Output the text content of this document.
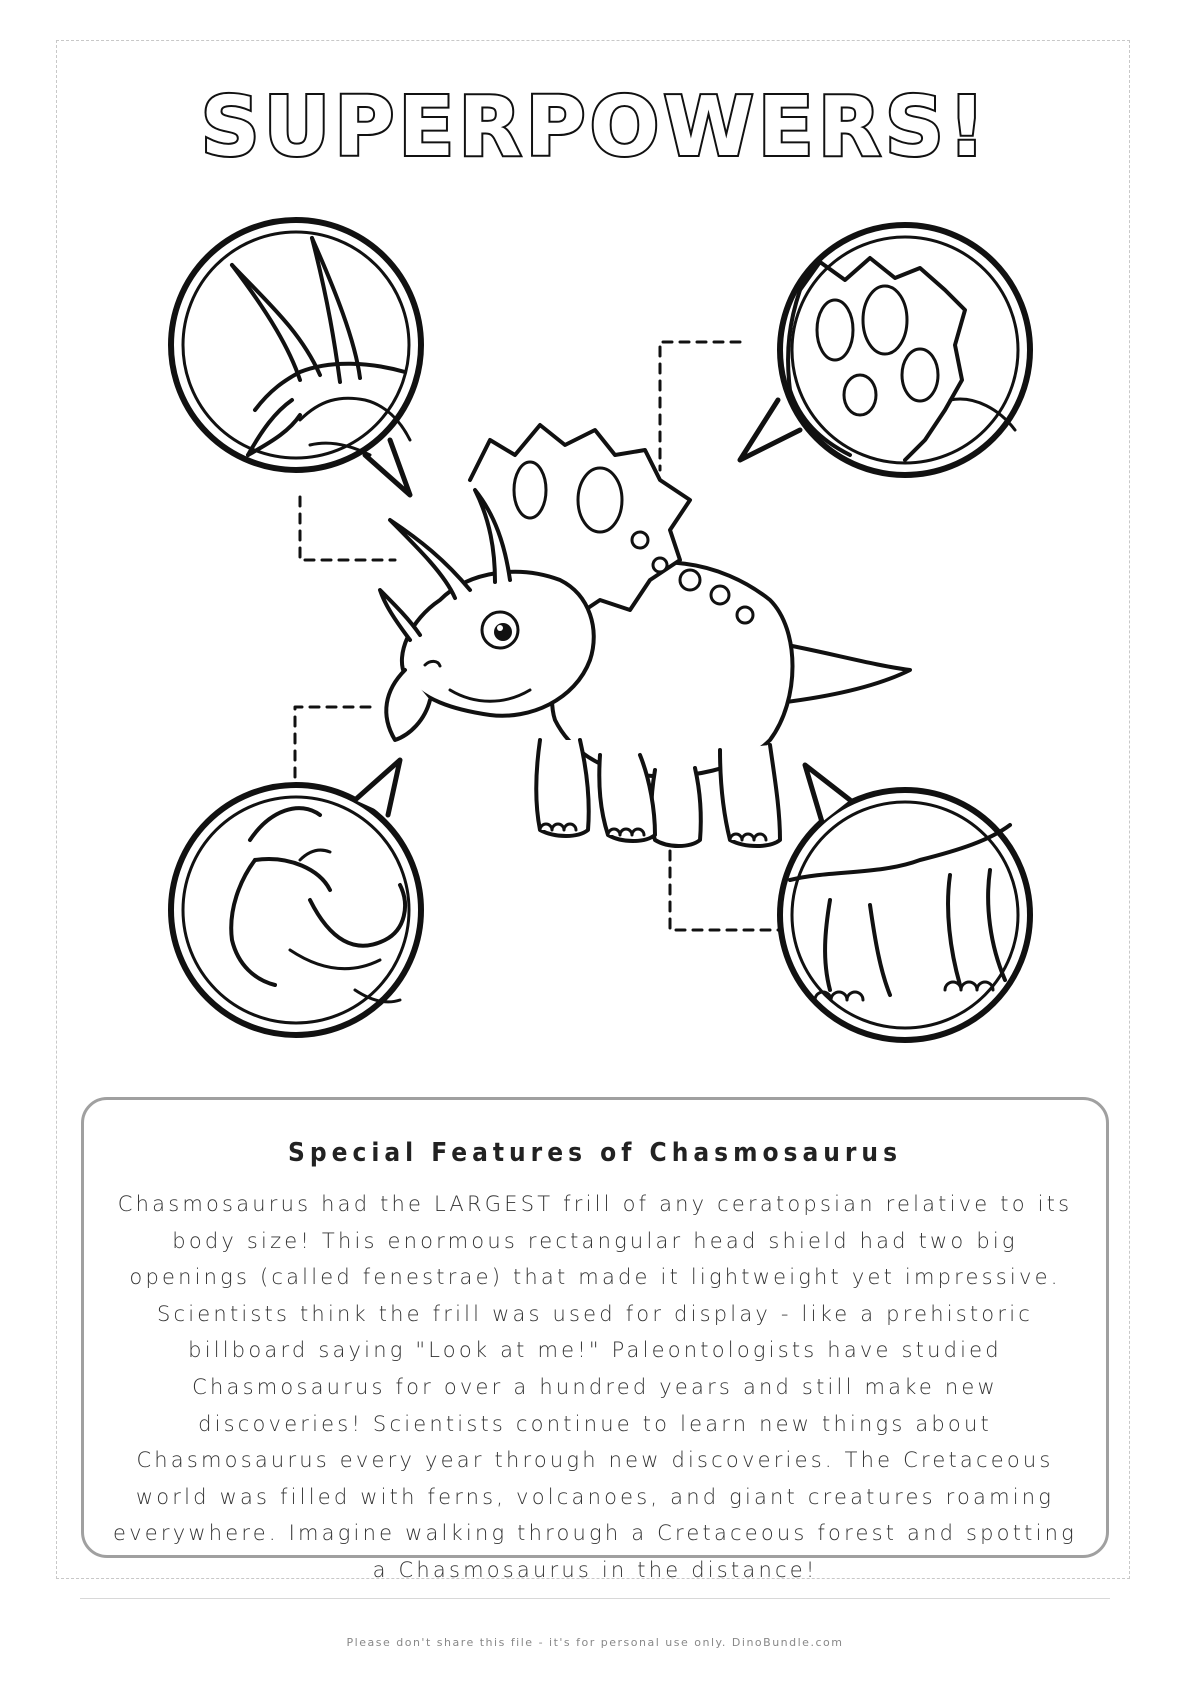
SUPERPOWERS!
Special Features of Chasmosaurus
Chasmosaurus had the LARGEST frill of any ceratopsian relative to its body size! This enormous rectangular head shield had two big openings (called fenestrae) that made it lightweight yet impressive. Scientists think the frill was used for display - like a prehistoric billboard saying "Look at me!" Paleontologists have studied Chasmosaurus for over a hundred years and still make new discoveries! Scientists continue to learn new things about Chasmosaurus every year through new discoveries. The Cretaceous world was filled with ferns, volcanoes, and giant creatures roaming everywhere. Imagine walking through a Cretaceous forest and spotting a Chasmosaurus in the distance!
Please don't share this file - it's for personal use only. DinoBundle.com
